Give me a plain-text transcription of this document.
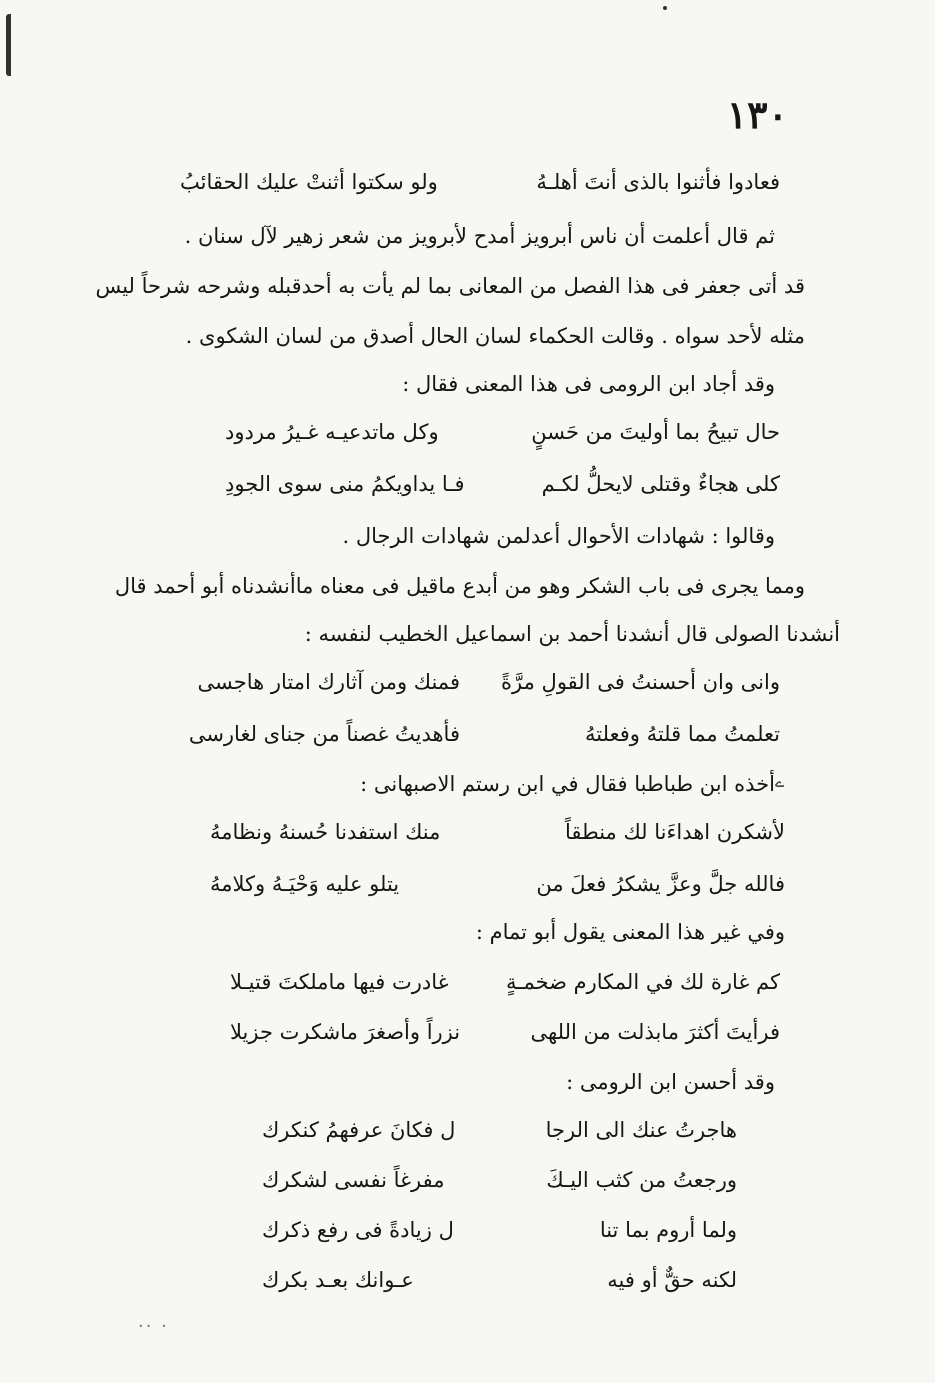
١٣٠
فعادوا فأثنوا بالذى أنتَ أهلـهُ
ولو سكتوا أثنتْ عليك الحقائبُ
ثم قال أعلمت أن ناس أبرويز أمدح لأبرويز من شعر زهير لآل سنان .
قد أتى جعفر فى هذا الفصل من المعانى بما لم يأت به أحدقبله وشرحه شرحاً ليس
مثله لأحد سواه . وقالت الحكماء لسان الحال أصدق من لسان الشكوى .
وقد أجاد ابن الرومى فى هذا المعنى فقال :
حال تبيحُ بما أوليتَ من حَسنٍ
وكل ماتدعيـه غـيرُ مردود
كلى هجاءٌ وقتلى لايحلُّ لكـم
فـا يداويكمُ منى سوى الجودِ
وقالوا : شهادات الأحوال أعدلمن شهادات الرجال .
ومما يجرى فى باب الشكر وهو من أبدع ماقيل فى معناه ماأنشدناه أبو أحمد قال
أنشدنا الصولى قال أنشدنا أحمد بن اسماعيل الخطيب لنفسه :
وانى وان أحسنتُ فى القولِ مرَّةً
فمنك ومن آثارك امتار هاجسى
تعلمتُ مما قلتهُ وفعلتهُ
فأهديتُ غصناً من جناى لغارسى
ے
أخذه ابن طباطبا فقال في ابن رستم الاصبهانى :
لأشكرن اهداءَنا لك منطقاً
منك استفدنا حُسنهُ ونظامهُ
فالله جلَّ وعزَّ يشكرُ فعلَ من
يتلو عليه وَحْيَـهُ وكلامهُ
وفي غير هذا المعنى يقول أبو تمام :
كم غارة لك في المكارم ضخمـةٍ
غادرت فيها ماملكتَ قتيـلا
فرأيتَ أكثرَ مابذلت من اللهى
نزراً وأصغرَ ماشكرت جزيلا
وقد أحسن ابن الرومى :
هاجرتُ عنك الى الرجا
ل فكانَ عرفهمُ كنكرك
ورجعتُ من كثب اليـكَ
مفرغاً نفسى لشكرك
ولما أروم بما تنا
ل زيادةً فى رفع ذكرك
لكنه حقٌّ أو فيه
عـوانك بعـد بكرك
·· ·
